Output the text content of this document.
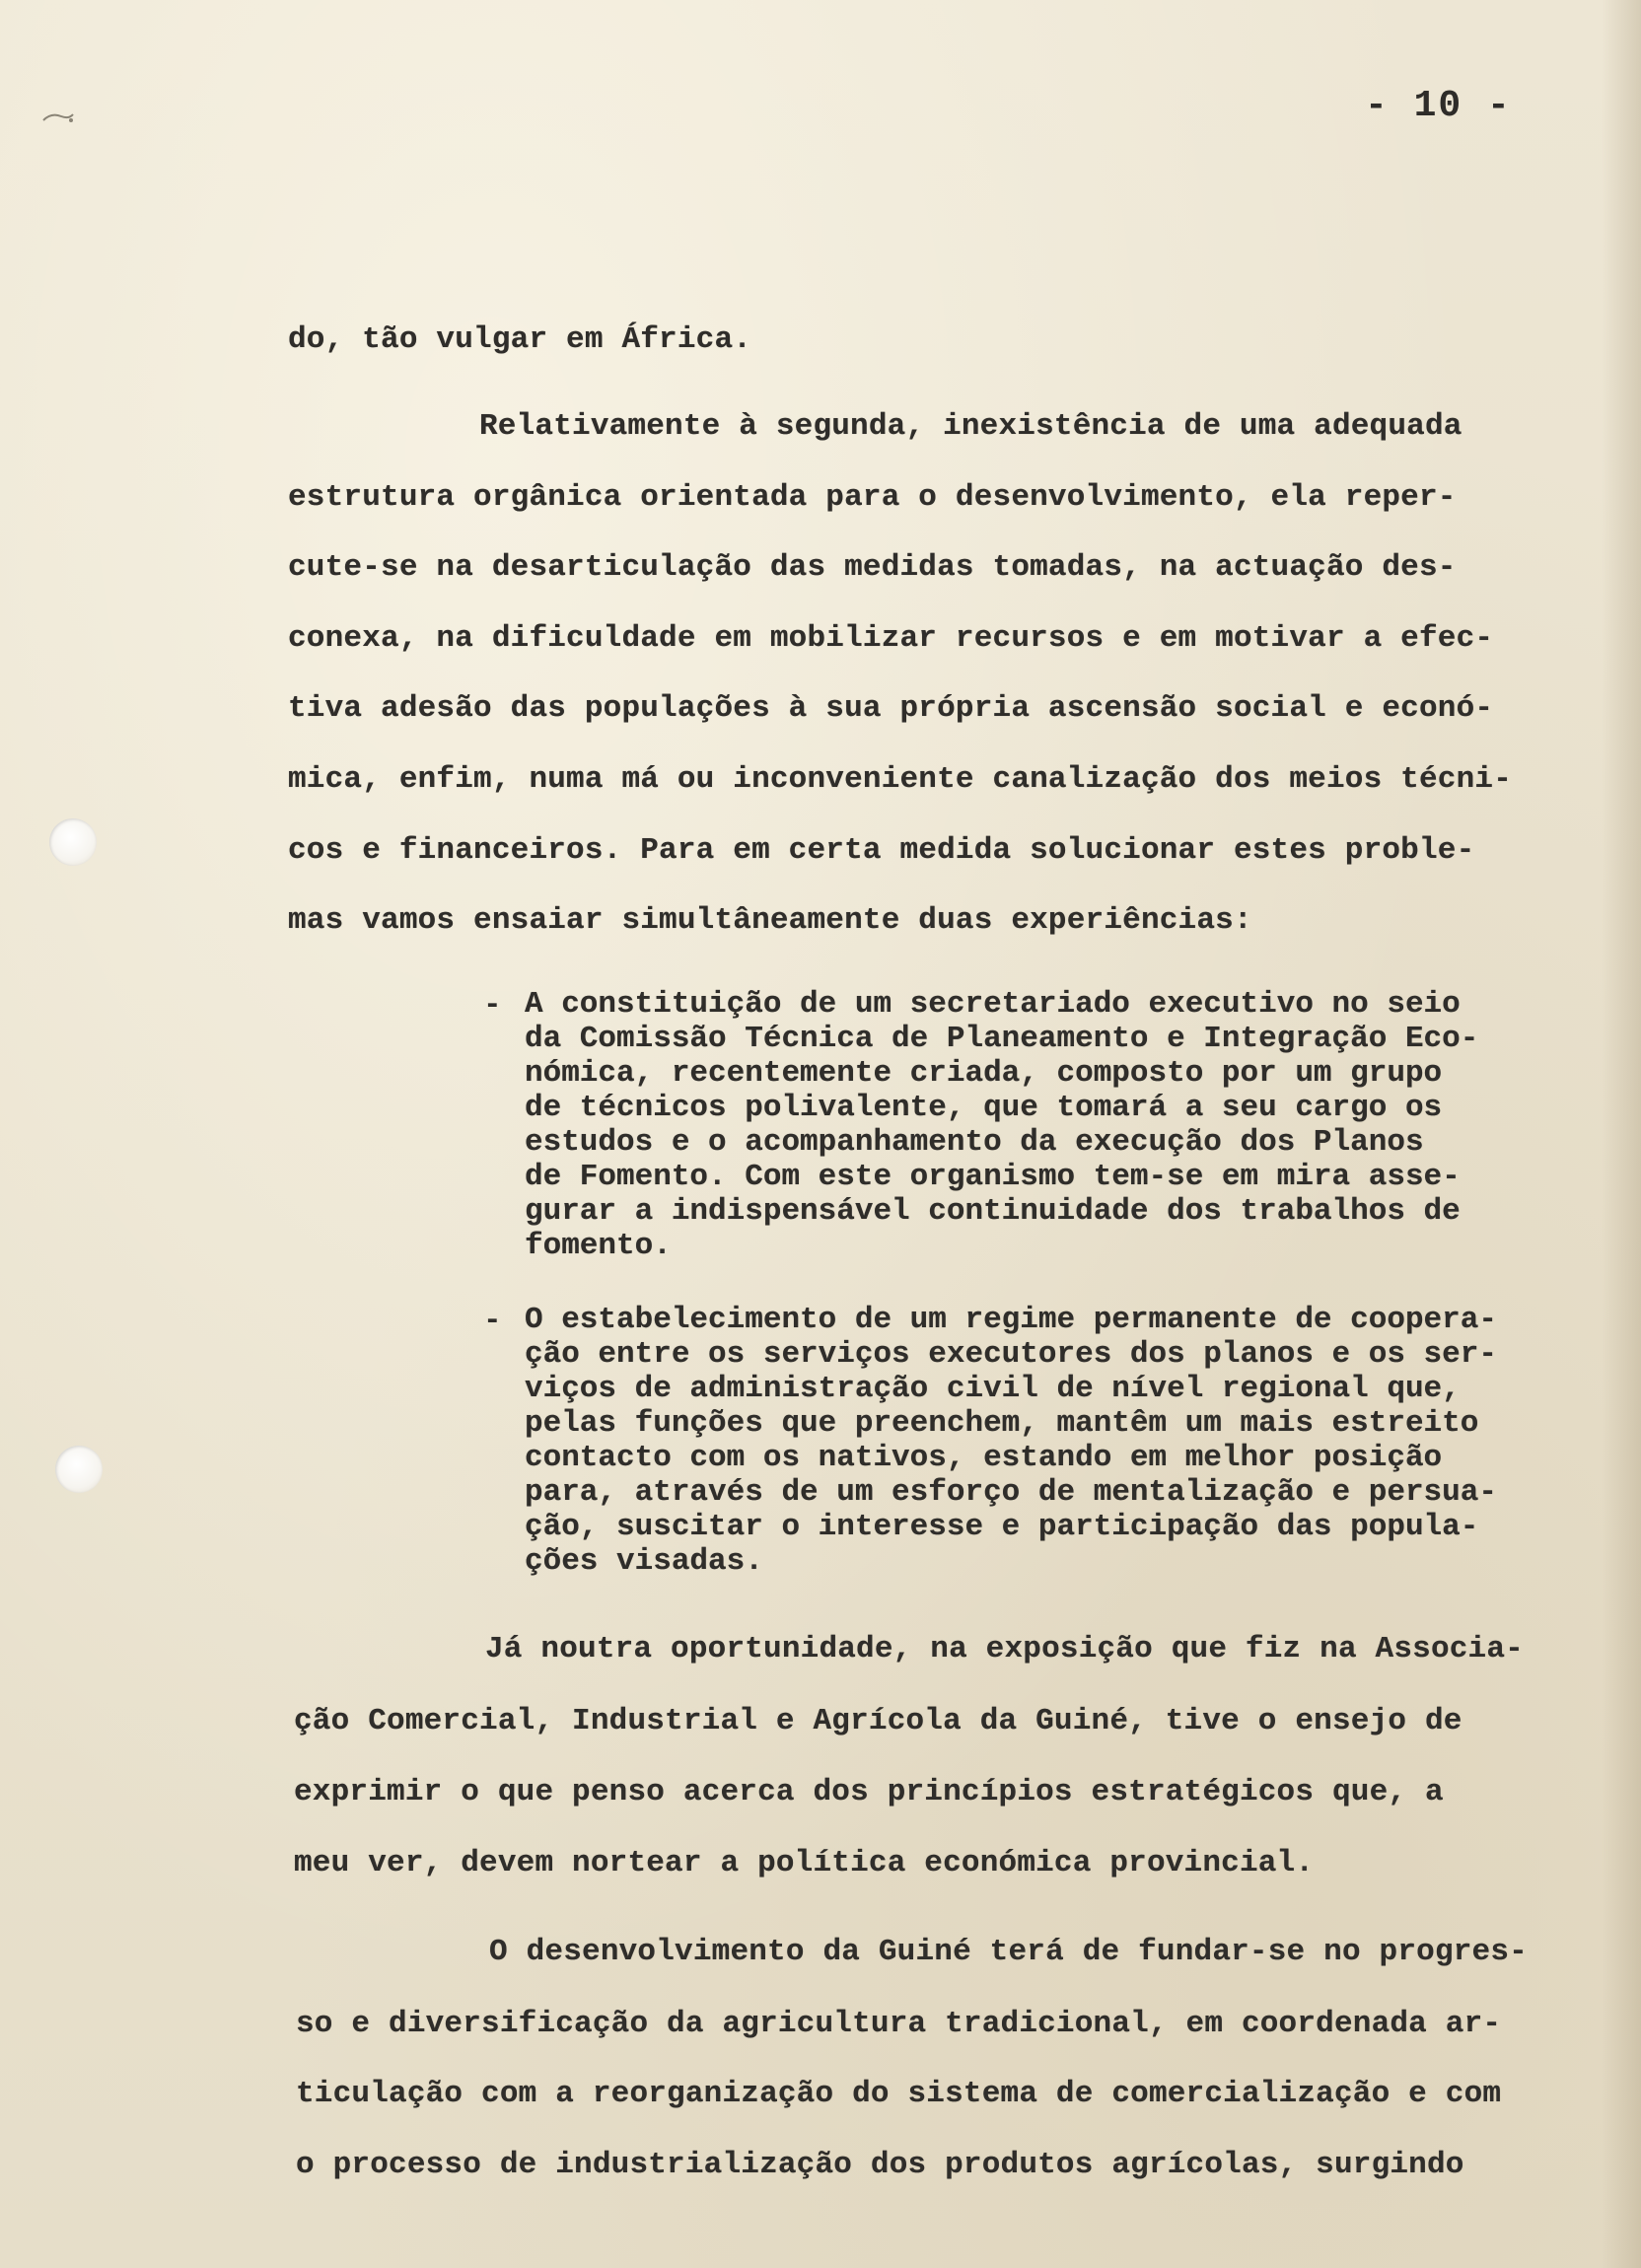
- 10 -
do, tão vulgar em África.
Relativamente à segunda, inexistência de uma adequada
estrutura orgânica orientada para o desenvolvimento, ela reper-
cute-se na desarticulação das medidas tomadas, na actuação des-
conexa, na dificuldade em mobilizar recursos e em motivar a efec-
tiva adesão das populações à sua própria ascensão social e econó-
mica, enfim, numa má ou inconveniente canalização dos meios técni-
cos e financeiros. Para em certa medida solucionar estes proble-
mas vamos ensaiar simultâneamente duas experiências:
- A constituição de um secretariado executivo no seio
da Comissão Técnica de Planeamento e Integração Eco-
nómica, recentemente criada, composto por um grupo
de técnicos polivalente, que tomará a seu cargo os
estudos e o acompanhamento da execução dos Planos
de Fomento. Com este organismo tem-se em mira asse-
gurar a indispensável continuidade dos trabalhos de
fomento.
- O estabelecimento de um regime permanente de coopera-
ção entre os serviços executores dos planos e os ser-
viços de administração civil de nível regional que,
pelas funções que preenchem, mantêm um mais estreito
contacto com os nativos, estando em melhor posição
para, através de um esforço de mentalização e persua-
ção, suscitar o interesse e participação das popula-
ções visadas.
Já noutra oportunidade, na exposição que fiz na Associa-
ção Comercial, Industrial e Agrícola da Guiné, tive o ensejo de
exprimir o que penso acerca dos princípios estratégicos que, a
meu ver, devem nortear a política económica provincial.
O desenvolvimento da Guiné terá de fundar-se no progres-
so e diversificação da agricultura tradicional, em coordenada ar-
ticulação com a reorganização do sistema de comercialização e com
o processo de industrialização dos produtos agrícolas, surgindo
